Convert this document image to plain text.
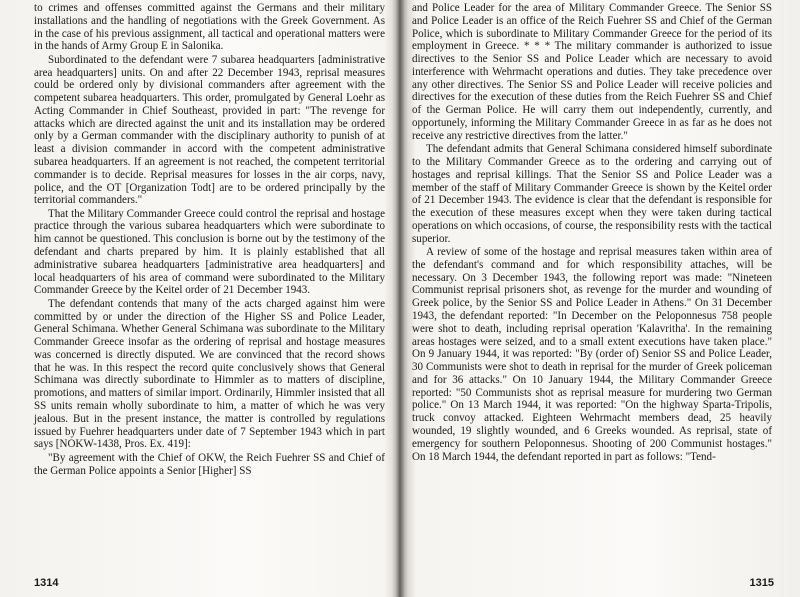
to crimes and offenses committed against the Germans and their military installations and the handling of negotiations with the Greek Government. As in the case of his previous assignment, all tactical and operational matters were in the hands of Army Group E in Salonika.

Subordinated to the defendant were 7 subarea headquarters [administrative area headquarters] units. On and after 22 December 1943, reprisal measures could be ordered only by divisional commanders after agreement with the competent subarea headquarters. This order, promulgated by General Loehr as Acting Commander in Chief Southeast, provided in part: "The revenge for attacks which are directed against the unit and its installation may be ordered only by a German commander with the disciplinary authority to punish of at least a division commander in accord with the competent administrative subarea headquarters. If an agreement is not reached, the competent territorial commander is to decide. Reprisal measures for losses in the air corps, navy, police, and the OT [Organization Todt] are to be ordered principally by the territorial commanders."

That the Military Commander Greece could control the reprisal and hostage practice through the various subarea headquarters which were subordinate to him cannot be questioned. This conclusion is borne out by the testimony of the defendant and charts prepared by him. It is plainly established that all administrative subarea headquarters [administrative area headquarters] and local headquarters of his area of command were subordinated to the Military Commander Greece by the Keitel order of 21 December 1943.

The defendant contends that many of the acts charged against him were committed by or under the direction of the Higher SS and Police Leader, General Schimana. Whether General Schimana was subordinate to the Military Commander Greece insofar as the ordering of reprisal and hostage measures was concerned is directly disputed. We are convinced that the record shows that he was. In this respect the record quite conclusively shows that General Schimana was directly subordinate to Himmler as to matters of discipline, promotions, and matters of similar import. Ordinarily, Himmler insisted that all SS units remain wholly subordinate to him, a matter of which he was very jealous. But in the present instance, the matter is controlled by regulations issued by Fuehrer headquarters under date of 7 September 1943 which in part says [NOKW-1438, Pros. Ex. 419]:

"By agreement with the Chief of OKW, the Reich Fuehrer SS and Chief of the German Police appoints a Senior [Higher] SS

1314

and Police Leader for the area of Military Commander Greece. The Senior SS and Police Leader is an office of the Reich Fuehrer SS and Chief of the German Police, which is subordinate to Military Commander Greece for the period of its employment in Greece. * * * The military commander is authorized to issue directives to the Senior SS and Police Leader which are necessary to avoid interference with Wehrmacht operations and duties. They take precedence over any other directives. The Senior SS and Police Leader will receive policies and directives for the execution of these duties from the Reich Fuehrer SS and Chief of the German Police. He will carry them out independently, currently, and opportunely, informing the Military Commander Greece in as far as he does not receive any restrictive directives from the latter."

The defendant admits that General Schimana considered himself subordinate to the Military Commander Greece as to the ordering and carrying out of hostages and reprisal killings. That the Senior SS and Police Leader was a member of the staff of Military Commander Greece is shown by the Keitel order of 21 December 1943. The evidence is clear that the defendant is responsible for the execution of these measures except when they were taken during tactical operations on which occasions, of course, the responsibility rests with the tactical superior.

A review of some of the hostage and reprisal measures taken within area of the defendant's command and for which responsibility attaches, will be necessary. On 3 December 1943, the following report was made: "Nineteen Communist reprisal prisoners shot, as revenge for the murder and wounding of Greek police, by the Senior SS and Police Leader in Athens." On 31 December 1943, the defendant reported: "In December on the Peloponnesus 758 people were shot to death, including reprisal operation 'Kalavritha'. In the remaining areas hostages were seized, and to a small extent executions have taken place." On 9 January 1944, it was reported: "By (order of) Senior SS and Police Leader, 30 Communists were shot to death in reprisal for the murder of Greek policeman and for 36 attacks." On 10 January 1944, the Military Commander Greece reported: "50 Communists shot as reprisal measure for murdering two German police." On 13 March 1944, it was reported: "On the highway Sparta-Tripolis, truck convoy attacked. Eighteen Wehrmacht members dead, 25 heavily wounded, 19 slightly wounded, and 6 Greeks wounded. As reprisal, state of emergency for southern Peloponnesus. Shooting of 200 Communist hostages." On 18 March 1944, the defendant reported in part as follows: "Tend-

1315
